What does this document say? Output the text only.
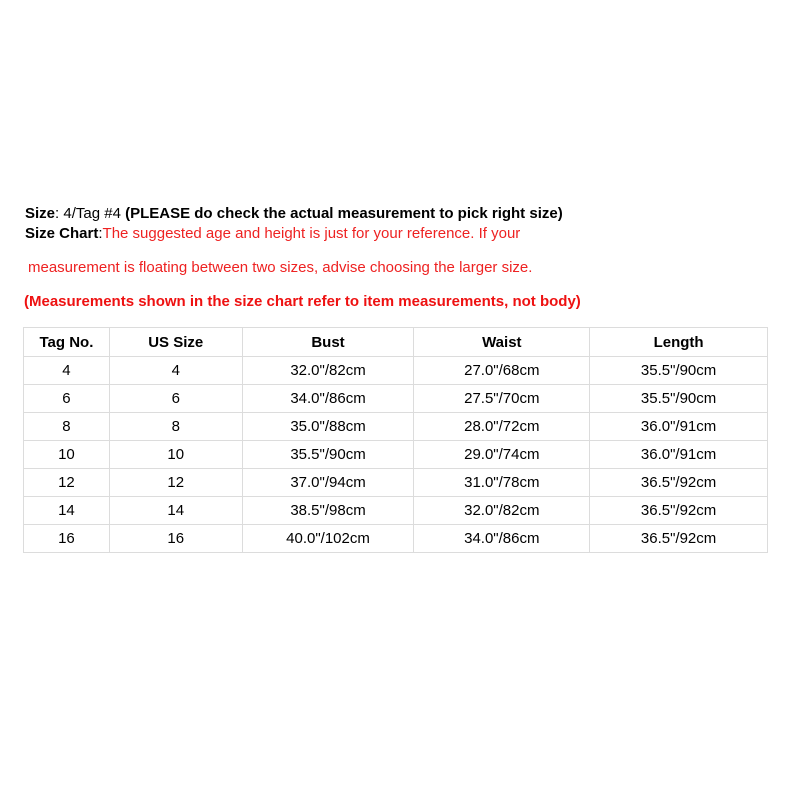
Size: 4/Tag #4 (PLEASE do check the actual measurement to pick right size)
Size Chart:The suggested age and height is just for your reference. If your
measurement is floating between two sizes, advise choosing the larger size.
(Measurements shown in the size chart refer to item measurements, not body)
Tag No.	US Size	Bust	Waist	Length
4	4	32.0"/82cm	27.0"/68cm	35.5"/90cm
6	6	34.0"/86cm	27.5"/70cm	35.5"/90cm
8	8	35.0"/88cm	28.0"/72cm	36.0"/91cm
10	10	35.5"/90cm	29.0"/74cm	36.0"/91cm
12	12	37.0"/94cm	31.0"/78cm	36.5"/92cm
14	14	38.5"/98cm	32.0"/82cm	36.5"/92cm
16	16	40.0"/102cm	34.0"/86cm	36.5"/92cm
